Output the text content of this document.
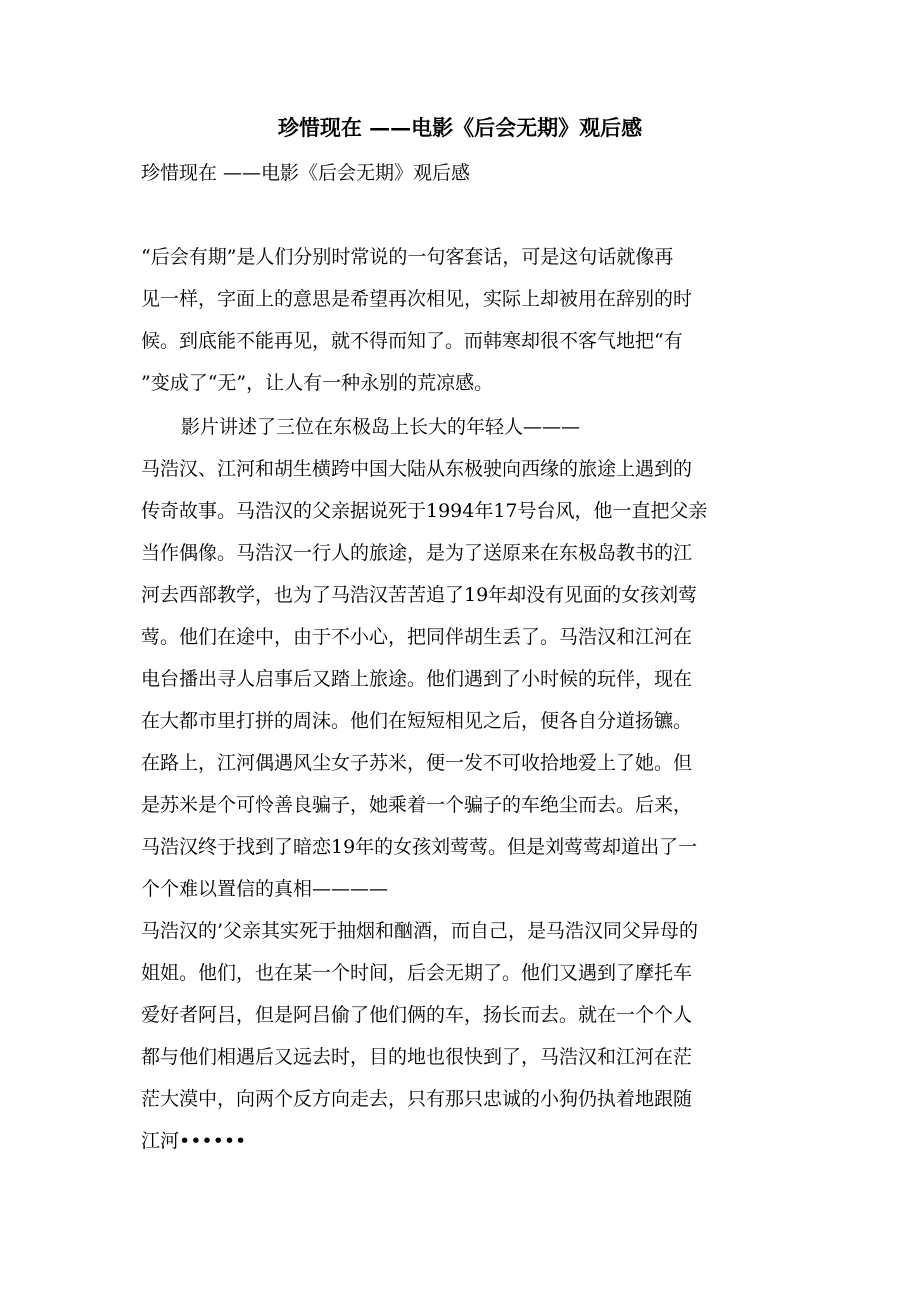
珍惜现在 ——电影《后会无期》观后感

珍惜现在 ——电影《后会无期》观后感

“后会有期”是人们分别时常说的一句客套话，可是这句话就像再
见一样，字面上的意思是希望再次相见，实际上却被用在辞别的时
候。到底能不能再见，就不得而知了。而韩寒却很不客气地把“有
”变成了“无”，让人有一种永别的荒凉感。
影片讲述了三位在东极岛上长大的年轻人———
马浩汉、江河和胡生横跨中国大陆从东极驶向西缘的旅途上遇到的
传奇故事。马浩汉的父亲据说死于1994年17号台风，他一直把父亲
当作偶像。马浩汉一行人的旅途，是为了送原来在东极岛教书的江
河去西部教学，也为了马浩汉苦苦追了19年却没有见面的女孩刘莺
莺。他们在途中，由于不小心，把同伴胡生丢了。马浩汉和江河在
电台播出寻人启事后又踏上旅途。他们遇到了小时候的玩伴，现在
在大都市里打拼的周沫。他们在短短相见之后，便各自分道扬镳。
在路上，江河偶遇风尘女子苏米，便一发不可收拾地爱上了她。但
是苏米是个可怜善良骗子，她乘着一个骗子的车绝尘而去。后来，
马浩汉终于找到了暗恋19年的女孩刘莺莺。但是刘莺莺却道出了一
个个难以置信的真相————
马浩汉的’父亲其实死于抽烟和酗酒，而自己，是马浩汉同父异母的
姐姐。他们，也在某一个时间，后会无期了。他们又遇到了摩托车
爱好者阿吕，但是阿吕偷了他们俩的车，扬长而去。就在一个个人
都与他们相遇后又远去时，目的地也很快到了，马浩汉和江河在茫
茫大漠中，向两个反方向走去，只有那只忠诚的小狗仍执着地跟随
江河••••••
